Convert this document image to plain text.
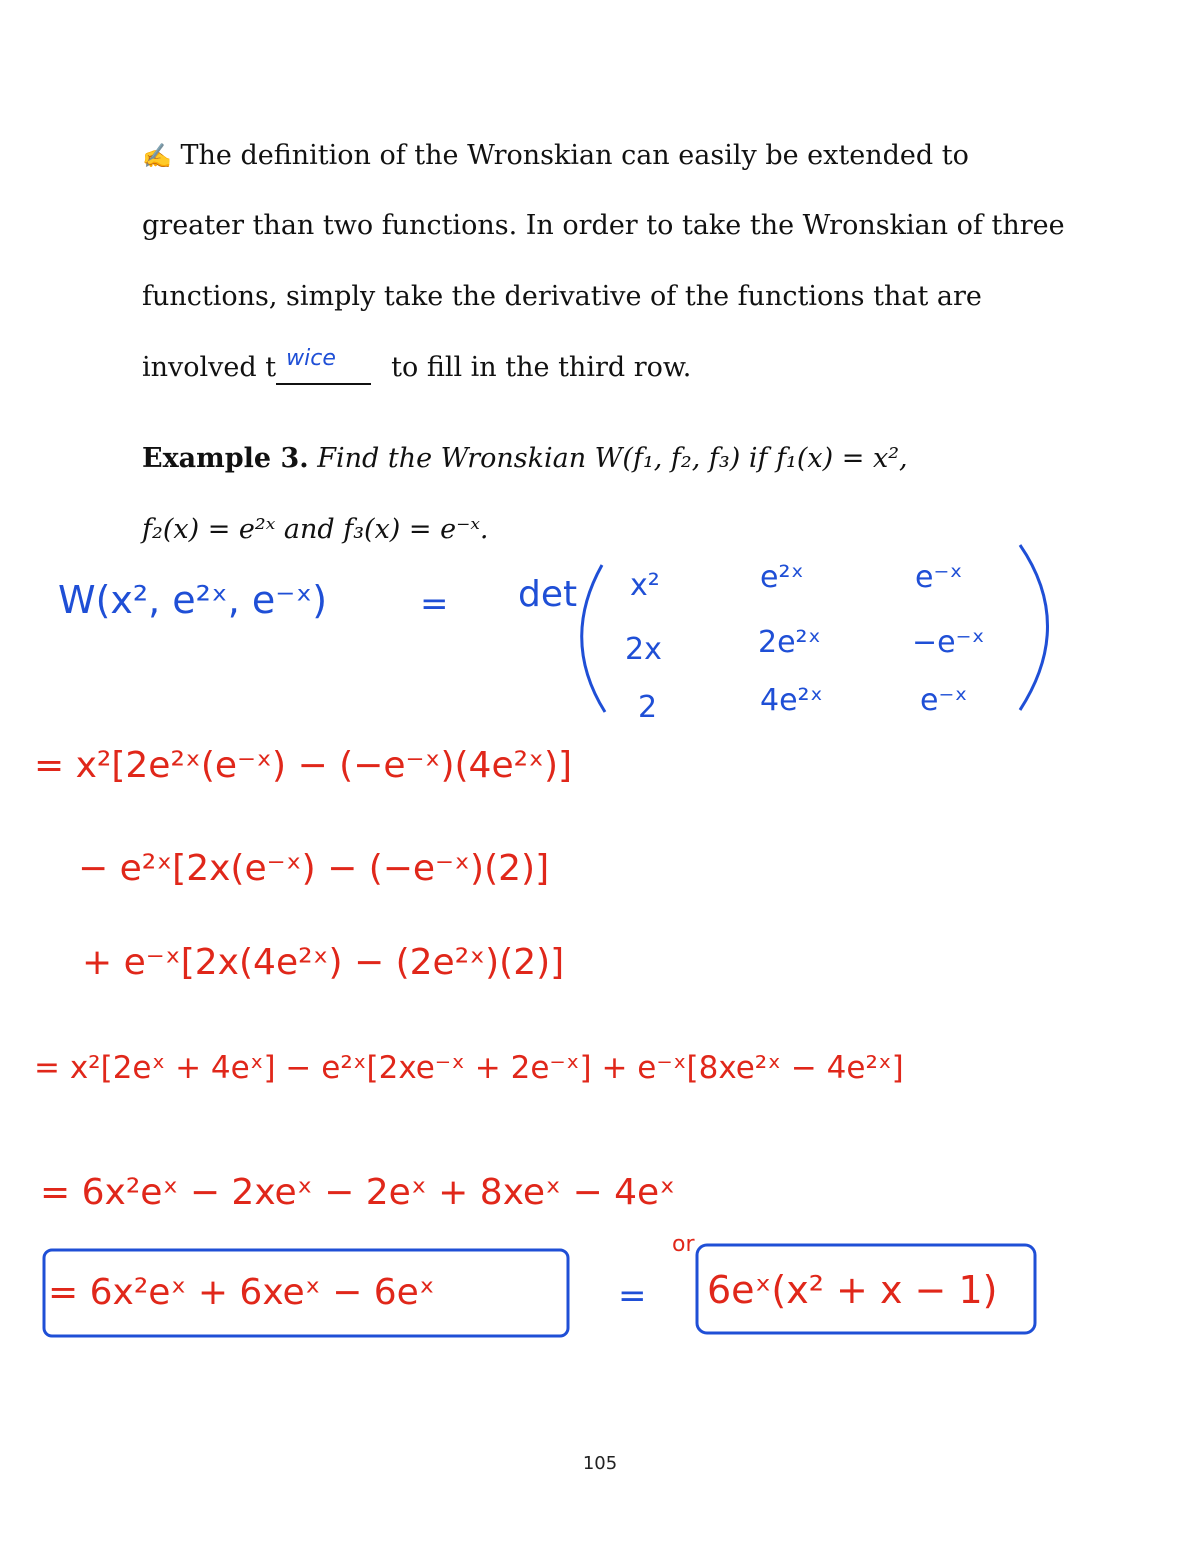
✍ The definition of the Wronskian can easily be extended to
greater than two functions. In order to take the Wronskian of three
functions, simply take the derivative of the functions that are
involved t wice to fill in the third row.
Example 3. Find the Wronskian W(f₁, f₂, f₃) if f₁(x) = x²,
f₂(x) = e²ˣ and f₃(x) = e⁻ˣ.
W(x², e²ˣ, e⁻ˣ)	= det x²	e²ˣ	e⁻ˣ
2x	2e²ˣ	−e⁻ˣ
2	4e²ˣ	e⁻ˣ
= x²[2e²ˣ(e⁻ˣ) − (−e⁻ˣ)(4e²ˣ)]
− e²ˣ[2x(e⁻ˣ) − (−e⁻ˣ)(2)]
+ e⁻ˣ[2x(4e²ˣ) − (2e²ˣ)(2)]
= x²[2eˣ + 4eˣ] − e²ˣ[2xe⁻ˣ + 2e⁻ˣ] + e⁻ˣ[8xe²ˣ − 4e²ˣ]
= 6x²eˣ − 2xeˣ − 2eˣ + 8xeˣ − 4eˣ
= 6x²eˣ + 6xeˣ − 6eˣ	=
or
6eˣ(x² + x − 1)
105
